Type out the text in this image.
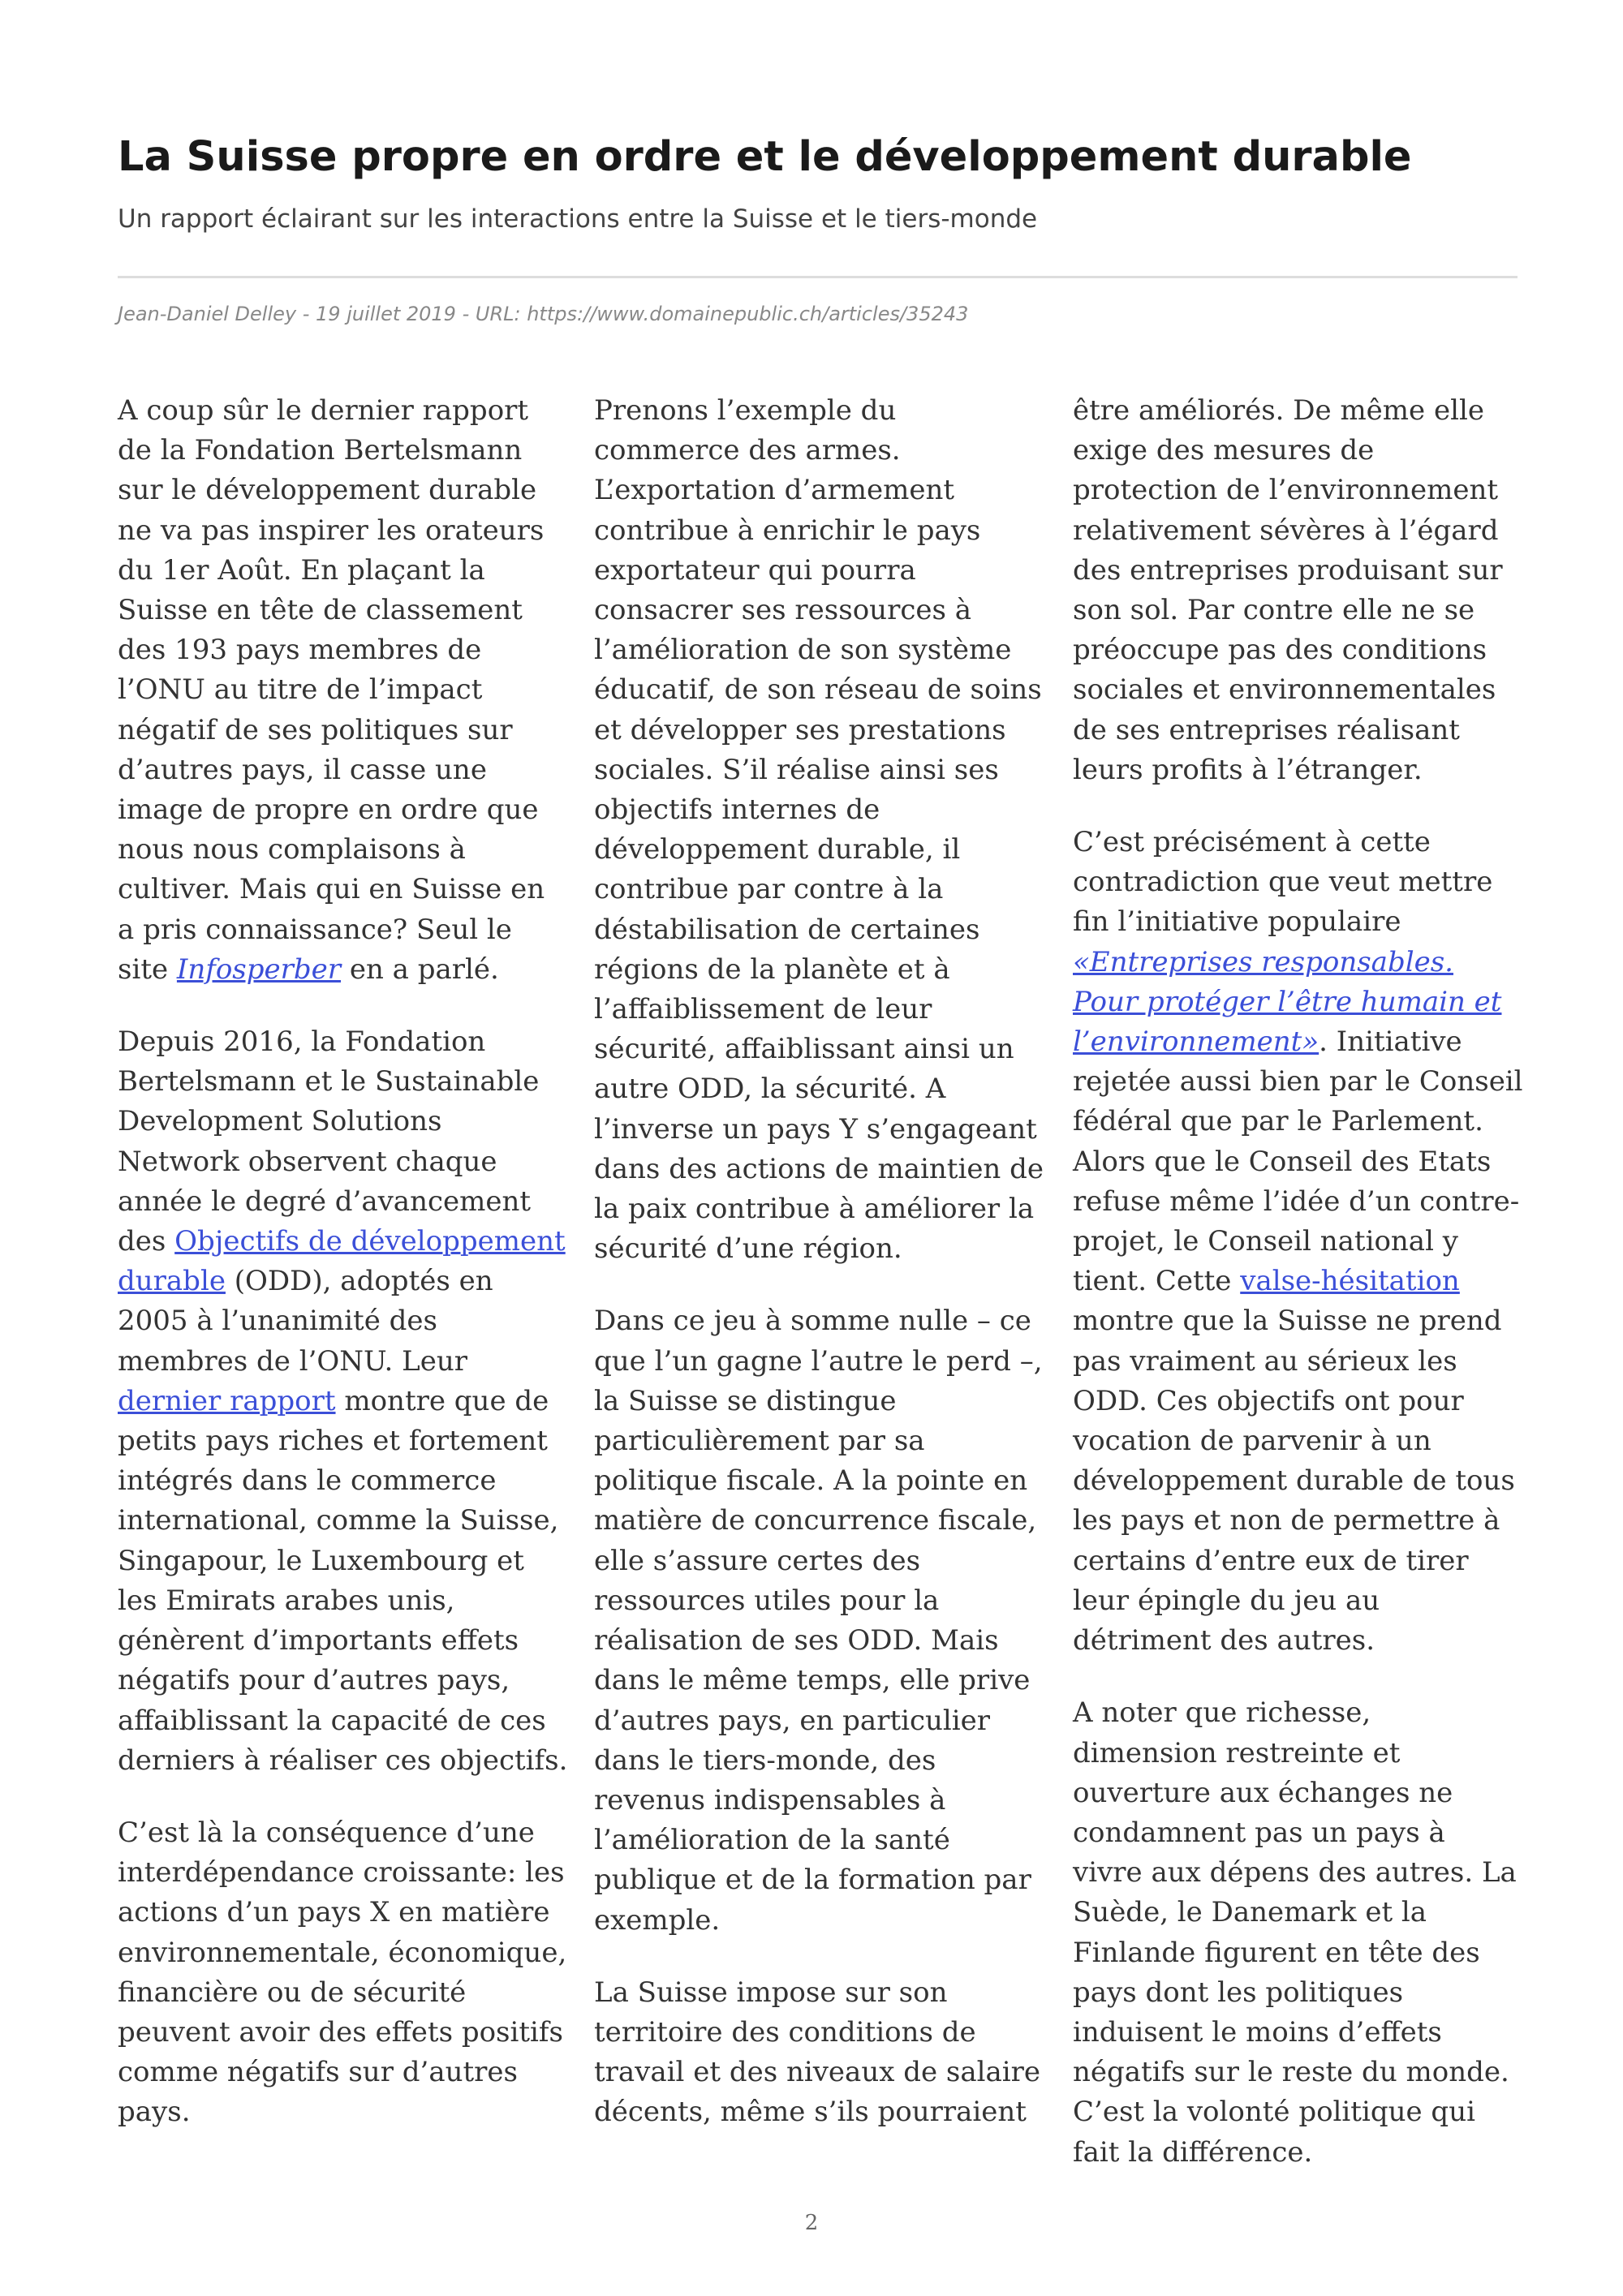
La Suisse propre en ordre et le développement durable
Un rapport éclairant sur les interactions entre la Suisse et le tiers-monde
Jean-Daniel Delley - 19 juillet 2019 - URL: https://www.domainepublic.ch/articles/35243

A coup sûr le dernier rapport de la Fondation Bertelsmann sur le développement durable ne va pas inspirer les orateurs du 1er Août. En plaçant la Suisse en tête de classement des 193 pays membres de l’ONU au titre de l’impact négatif de ses politiques sur d’autres pays, il casse une image de propre en ordre que nous nous complaisons à cultiver. Mais qui en Suisse en a pris connaissance? Seul le site Infosperber en a parlé.

Depuis 2016, la Fondation Bertelsmann et le Sustainable Development Solutions Network observent chaque année le degré d’avancement des Objectifs de développement durable (ODD), adoptés en 2005 à l’unanimité des membres de l’ONU. Leur dernier rapport montre que de petits pays riches et fortement intégrés dans le commerce international, comme la Suisse, Singapour, le Luxembourg et les Emirats arabes unis, génèrent d’importants effets négatifs pour d’autres pays, affaiblissant la capacité de ces derniers à réaliser ces objectifs.

C’est là la conséquence d’une interdépendance croissante: les actions d’un pays X en matière environnementale, économique, financière ou de sécurité peuvent avoir des effets positifs comme négatifs sur d’autres pays.

Prenons l’exemple du commerce des armes. L’exportation d’armement contribue à enrichir le pays exportateur qui pourra consacrer ses ressources à l’amélioration de son système éducatif, de son réseau de soins et développer ses prestations sociales. S’il réalise ainsi ses objectifs internes de développement durable, il contribue par contre à la déstabilisation de certaines régions de la planète et à l’affaiblissement de leur sécurité, affaiblissant ainsi un autre ODD, la sécurité. A l’inverse un pays Y s’engageant dans des actions de maintien de la paix contribue à améliorer la sécurité d’une région.

Dans ce jeu à somme nulle – ce que l’un gagne l’autre le perd –, la Suisse se distingue particulièrement par sa politique fiscale. A la pointe en matière de concurrence fiscale, elle s’assure certes des ressources utiles pour la réalisation de ses ODD. Mais dans le même temps, elle prive d’autres pays, en particulier dans le tiers-monde, des revenus indispensables à l’amélioration de la santé publique et de la formation par exemple.

La Suisse impose sur son territoire des conditions de travail et des niveaux de salaire décents, même s’ils pourraient

être améliorés. De même elle exige des mesures de protection de l’environnement relativement sévères à l’égard des entreprises produisant sur son sol. Par contre elle ne se préoccupe pas des conditions sociales et environnementales de ses entreprises réalisant leurs profits à l’étranger.

C’est précisément à cette contradiction que veut mettre fin l’initiative populaire «Entreprises responsables. Pour protéger l’être humain et l’environnement». Initiative rejetée aussi bien par le Conseil fédéral que par le Parlement. Alors que le Conseil des Etats refuse même l’idée d’un contre-projet, le Conseil national y tient. Cette valse-hésitation montre que la Suisse ne prend pas vraiment au sérieux les ODD. Ces objectifs ont pour vocation de parvenir à un développement durable de tous les pays et non de permettre à certains d’entre eux de tirer leur épingle du jeu au détriment des autres.

A noter que richesse, dimension restreinte et ouverture aux échanges ne condamnent pas un pays à vivre aux dépens des autres. La Suède, le Danemark et la Finlande figurent en tête des pays dont les politiques induisent le moins d’effets négatifs sur le reste du monde. C’est la volonté politique qui fait la différence.

2
